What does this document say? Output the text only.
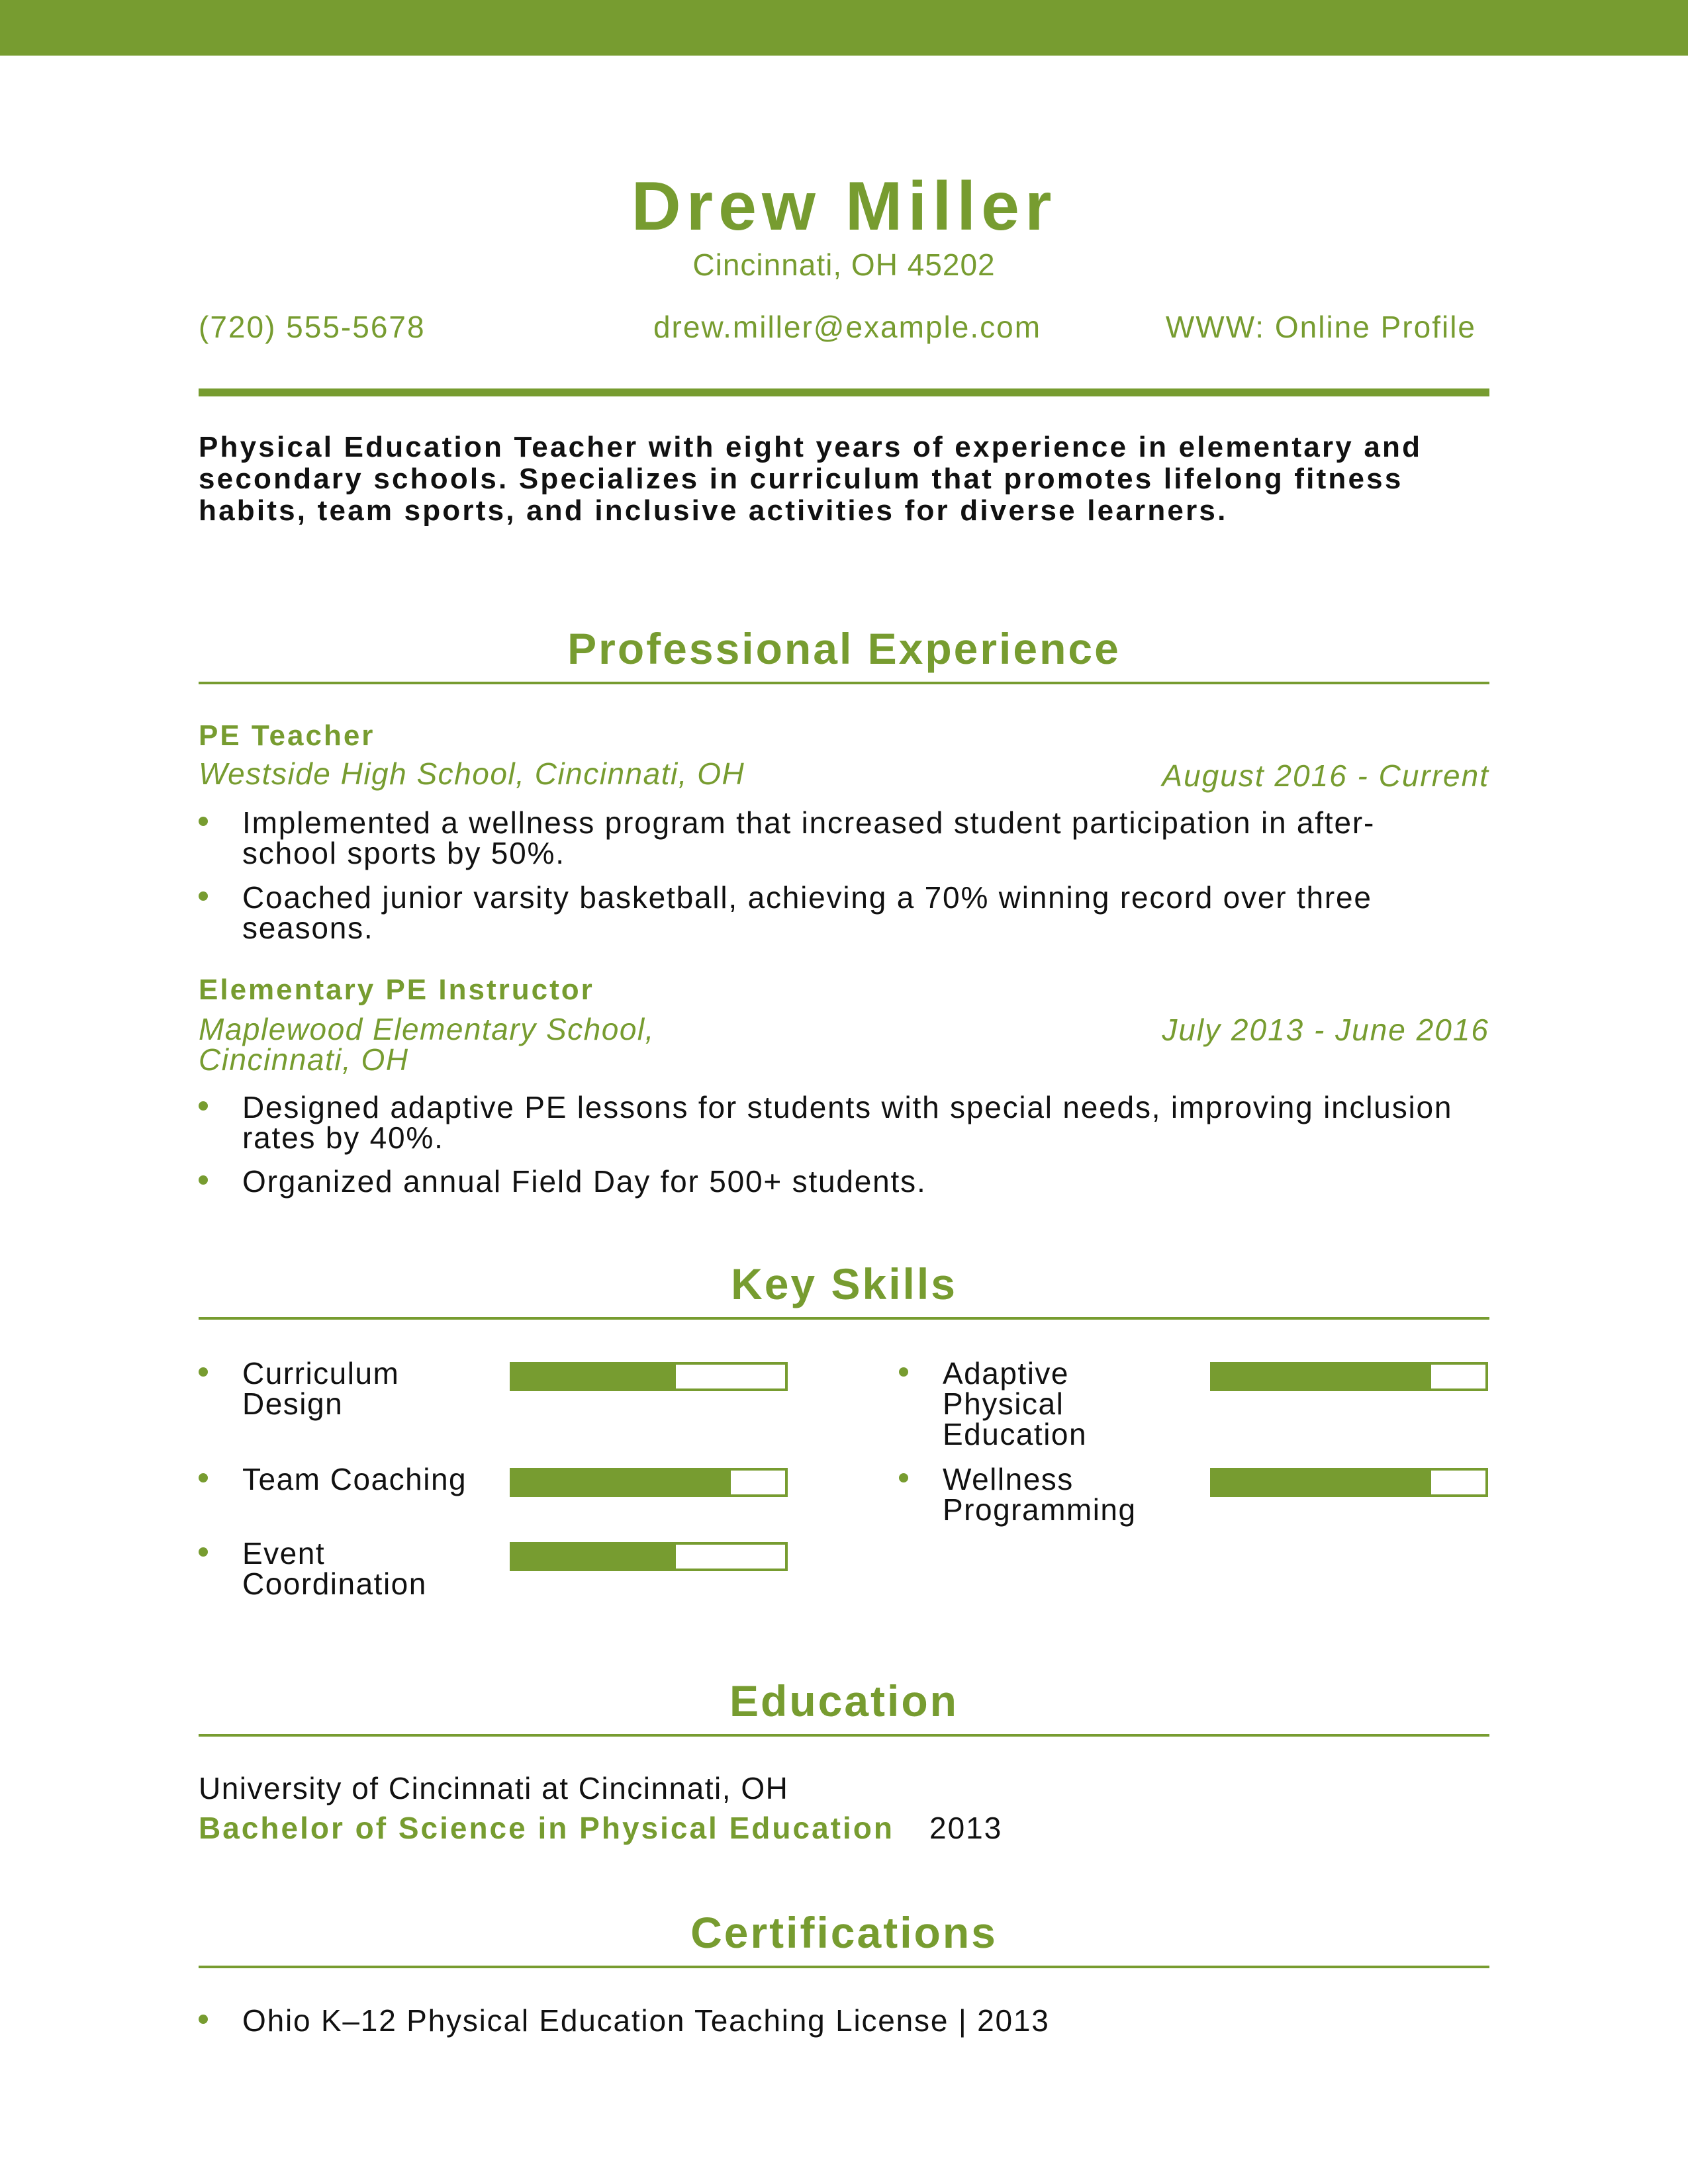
Drew Miller
Cincinnati, OH 45202
(720) 555-5678	drew.miller@example.com	WWW: Online Profile
Physical Education Teacher with eight years of experience in elementary and secondary schools. Specializes in curriculum that promotes lifelong fitness habits, team sports, and inclusive activities for diverse learners.
Professional Experience
PE Teacher
Westside High School, Cincinnati, OH	August 2016 - Current
Implemented a wellness program that increased student participation in after-school sports by 50%.
Coached junior varsity basketball, achieving a 70% winning record over three seasons.
Elementary PE Instructor
Maplewood Elementary School, Cincinnati, OH
July 2013 - June 2016
Designed adaptive PE lessons for students with special needs, improving inclusion rates by 40%.
Organized annual Field Day for 500+ students.
Key Skills
Curriculum Design
Adaptive Physical Education
Team Coaching	Wellness Programming
Event Coordination
Education
University of Cincinnati at Cincinnati, OH
Bachelor of Science in Physical Education 2013
Certifications
Ohio K–12 Physical Education Teaching License | 2013
